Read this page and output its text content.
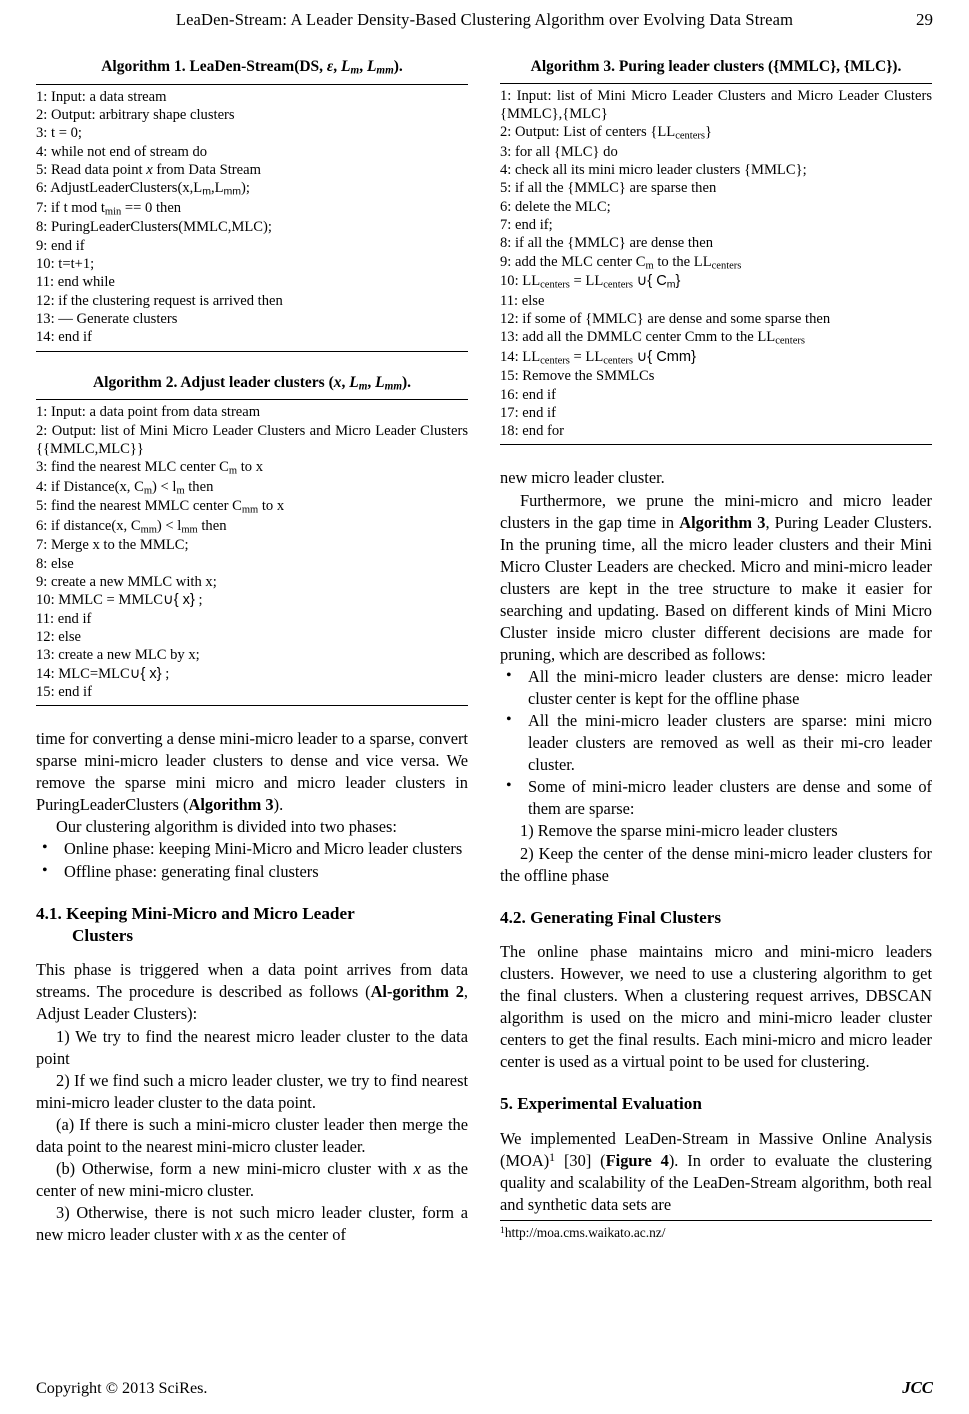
LeaDen-Stream: A Leader Density-Based Clustering Algorithm over Evolving Data Stream	29
Algorithm 1. LeaDen-Stream(DS, ε, $L_m$, $L_{mm}$).
1: Input: a data stream
2: Output: arbitrary shape clusters
3: t = 0;
4: while not end of stream do
5: Read data point x from Data Stream
6: $AdjustLeaderClusters(x,L_m,L_{mm})$;
7: if t mod $t_{min} == 0$ then
8: PuringLeaderClusters(MMLC,MLC);
9: end if
10: t=t+1;
11: end while
12: if the clustering request is arrived then
13: — Generate clusters
14: end if
Algorithm 2. Adjust leader clusters (x, $L_m$, $L_{mm}$).
1: Input: a data point from data stream
2: Output: list of Mini Micro Leader Clusters and Micro Leader Clusters {{MMLC,MLC}}
3: find the nearest MLC center $C_m$ to x
4: if Distance(x, $C_m) < l_m$ then
5: find the nearest MMLC center $C_{mm}$ to x
6: if distance(x, $C_{mm}) < l_{mm}$ then
7: Merge x to the MMLC;
8: else
9: create a new MMLC with x;
10: MMLC = MMLC∪{ x} ;
11: end if
12: else
13: create a new MLC by x;
14: MLC=MLC∪{ x} ;
15: end if

time for converting a dense mini-micro leader to a sparse, convert sparse mini-micro leader clusters to dense and vice versa. We remove the sparse mini micro and micro leader clusters in PuringLeaderClusters (Algorithm 3).

Our clustering algorithm is divided into two phases:

• Online phase: keeping Mini-Micro and Micro leader clusters
• Offline phase: generating final clusters
4.1. Keeping Mini-Micro and Micro Leader
Clusters

This phase is triggered when a data point arrives from data streams. The procedure is described as follows (Al-gorithm 2, Adjust Leader Clusters):

1) We try to find the nearest micro leader cluster to the data point

2) If we find such a micro leader cluster, we try to find nearest mini-micro leader cluster to the data point.

(a) If there is such a mini-micro cluster leader then merge the data point to the nearest mini-micro cluster leader.

(b) Otherwise, form a new mini-micro cluster with x as the center of new mini-micro cluster.

3) Otherwise, there is not such micro leader cluster, form a new micro leader cluster with x as the center of

Algorithm 3. Puring leader clusters ({MMLC}, {MLC}).
1: Input: list of Mini Micro Leader Clusters and Micro Leader Clusters {MMLC},{MLC}
2: Output: List of centers $\{LL_{centers}\}$
3: for all {MLC} do
4: check all its mini micro leader clusters {MMLC};
5: if all the {MMLC} are sparse then
6: delete the MLC;
7: end if;
8: if all the {MMLC} are dense then
9: add the MLC center $C_m$ to the $LL_{centers}$
10: $LL_{centers} = LL_{centers}$ ∪{ $C_m$}
11: else
12: if some of {MMLC} are dense and some sparse then
13: add all the DMMLC center Cmm to the $LL_{centers}$
14: $LL_{centers} = LL_{centers}$ ∪{ Cmm}
15: Remove the SMMLCs
16: end if
17: end if
18: end for

new micro leader cluster.

Furthermore, we prune the mini-micro and micro leader clusters in the gap time in Algorithm 3, Puring Leader Clusters. In the pruning time, all the micro leader clusters and their Mini Micro Cluster Leaders are checked. Micro and mini-micro leader clusters are kept in the tree structure to make it easier for searching and updating. Based on different kinds of Mini Micro Cluster inside micro cluster different decisions are made for pruning, which are described as follows:

• All the mini-micro leader clusters are dense: micro leader cluster center is kept for the offline phase
• All the mini-micro leader clusters are sparse: mini micro leader clusters are removed as well as their mi-cro leader cluster.
• Some of mini-micro leader clusters are dense and some of them are sparse:

1) Remove the sparse mini-micro leader clusters

2) Keep the center of the dense mini-micro leader clusters for the offline phase

4.2. Generating Final Clusters

The online phase maintains micro and mini-micro leaders clusters. However, we need to use a clustering algorithm to get the final clusters. When a clustering request arrives, DBSCAN algorithm is used on the micro and mini-micro leader cluster centers to get the final results. Each mini-micro and micro leader center is used as a virtual point to be used for clustering.

5. Experimental Evaluation

We implemented LeaDen-Stream in Massive Online Analysis (MOA)$^1$ [30] (Figure 4). In order to evaluate the clustering quality and scalability of the LeaDen-Stream algorithm, both real and synthetic data sets are

$^1$http://moa.cms.waikato.ac.nz/
Copyright © 2013 SciRes.	JCC
